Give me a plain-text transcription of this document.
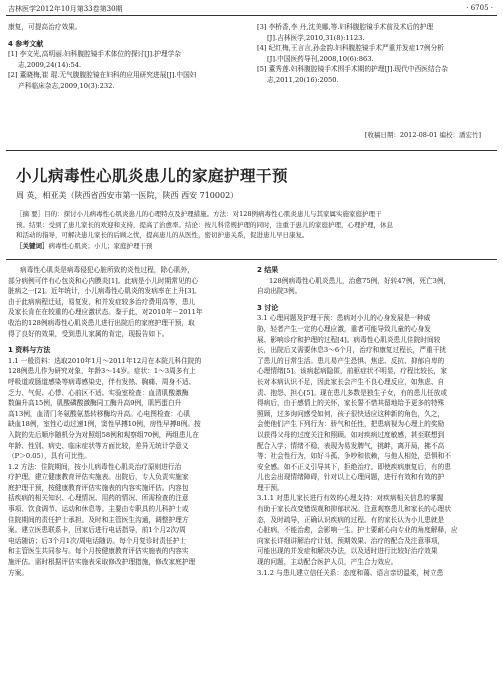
吉林医学2012年10月第33卷第30期	· 6705 ·

康复，可提高治疗效果。

4 参考文献

[1] 李文光,高明丽.妇科腹腔镜手术体位的探讨[J].护理学杂

志,2009,24(14):54.

[2] 董晓梅,崔 琨.无气腹腹腔镜在妇科的应用研究进展[J].中国妇

产科临床杂志,2009,10(3):232.

[3] 李桥香,李 丹,沈美娜,等.妇科腹腔镜手术前及术后的护理

[J].吉林医学,2010,31(8):1123.

[4] 纪红梅,王言言,孙金韵.妇科腹腔镜手术严重并发症17例分析

[J].中国医药导刊,2008,10(6):863.

[5] 董秀莲.妇科腹腔镜手术围手术期的护理[J].现代中西医结合杂

志,2011,20(16):2050.

[收稿日期：2012-08-01 编校：潘宏竹]
小儿病毒性心肌炎患儿的家庭护理干预
周 英，相亚美（陕西省西安市第一医院，陕西 西安 710002）

［摘 要］目的：探讨小儿病毒性心肌炎患儿的心理特点及护理措施。方法：对128例病毒性心肌炎患儿与其家属实施家庭护理干

预。结果：受到了患儿家长的欢迎和支持，提高了治愈率。结论：按儿科常规护理的同时，注重于患儿的家庭护理，心理护理，休息

和活动的指导，可解决患儿家长的后顾之忧，提高患儿的从医性，密切护患关系，促进患儿早日康复。

［关键词］病毒性心肌炎；小儿；家庭护理干预

病毒性心肌炎是病毒侵犯心脏所致的炎性过程，除心肌外，

部分病例可伴有心包炎和心内膜炎[1]。此病是小儿时期常见的心

脏病之一[2]。近年统计，小儿病毒性心肌炎的发病率在上升[3]。

由于此病病程迁延，易复发，和并发症较多治疗费用高等，患儿

及家长肯在在较重的心理应激状态。鉴于此，对2010年－2011年

收治的128例病毒性心肌炎患儿进行出院后的家庭护理干预，取

得了良好的效果，受到患儿家属的肯定，现报告如下。

1 资料与方法

1.1 一般资料：选取2010年1月～2011年12月在本院儿科住院的

128例患儿作为研究对象，年龄3～14岁。症状：1～3周多有上

呼吸道或肠道感染等病毒感染史，伴有发热、胸痛、周身不适、

乏力、气促、心悸、心前区不适。实验室检查：血清肌酸激酶

数偏升高15例，肌酸磷酸激酶同工酶升高9例，肌钙蛋白升

高13例，血清门冬氨酸氨基转移酶均升高。心电图检查：心肌

缺血18例，室性心动过速1例，窦性早搏10例，房性早搏8例。按

入院的先后顺序随机分为对照组58例和观察组70例，两组患儿在

年龄、性别、病史、临床症状等方面比较，差异无统计学意义

（P＞0.05），具有可比性。

1.2 方法：住院期间，按小儿病毒性心肌炎治疗原则进行治

疗护理。建立健康教育评估实施表。出院后，专人负责实施家

庭护理干预，按健康教育评估实施表的内容实施评估。内容包

括疾病的相关知识、心理情况、用药的情况、所需检查的注意

事项、饮食调节、运动和休息等。主要由专职具的儿科护士或

住院期间的责任护士承担。及时和主管医生沟通，调整护理方

案。建立医患联系卡，回家后进行电话指导，前1个月2次/周

电话随访；后3个月1次/周电话随访。每个月复诊时责任护士

和主管医生共同参与。每个月按健康教育评估实施表的内容实

施评估。需时根据评估实施表采取修改护理措施，修改家庭护理

方案。

2 结果

128例病毒性心肌炎患儿，治愈75例，好转47例，死亡3例，

自动出院3例。

3 讨论

3.1 心理问题及护理干预：患病对小儿的心身发展是一种威

胁，轻者产生一定的心理应激，重者可能导致儿童的心身发

展、影响诊疗和护理的过程[4]。病毒性心肌炎患儿住院时间较

长，出院后又需要休息3～6个月，治疗和康复过程长，严重干扰

了患儿的日常生活。患儿易产生恐惧、焦虑、反抗、抑郁自卑的

心理情绪[5]。该病起病隐匿，前驱症状不明显，疗程比较长，家

长对本病认识不足，因此家长会产生不良心理反应，如焦虑、自

责、抱怨、担心[5]。现在患儿多数是独生子女，有的患儿任放或

得病后，由于感情上的关怀，家长誓不惜其留地给予更多的特殊

照顾，过多询问感受如何，孩子很快适应这种新的角色，久之，

会使他们产生下列行为：骄气和任性，把患病视为心理上的奖励

以获得父母的过度关注和照顾。如对疾病过度敏感，甚至联想到

配合入学；情绪不稳，表现为易发脾气，挑衅，离开局，拂不高

等；社会性行为，如好斗孤、争吵和依赖，与他人相处，恐惧和不

安全感。如不正义引导其下，拒绝治疗。即使疾病康复后，有的患

儿也会出现情绪障碍，针对以上心理问题，进行有效和有效的护

理干预。

3.1.1 对患儿家长进行有效的心理支持：对疾病相关信息的掌握

有助于家长改变错误观和抑郁状况。注意观察患儿和家长的心理状

态，及时疏导，正确认识疾病的过程。有的家长认为小儿患就是

心脏病，不能治愈，会影响一生。护士要耐心向专业的角度解释，应

向家长详细讲解治疗计划、预期效果、治疗的配合及注意事项，

可能出现的并发症和解决办法，以及适时进行比较好治疗效果

现的问题，主动配合医护人员，产生合力效应。

3.1.2 与患儿建立信任关系：态度和蔼、语言亲切温柔，树立患
